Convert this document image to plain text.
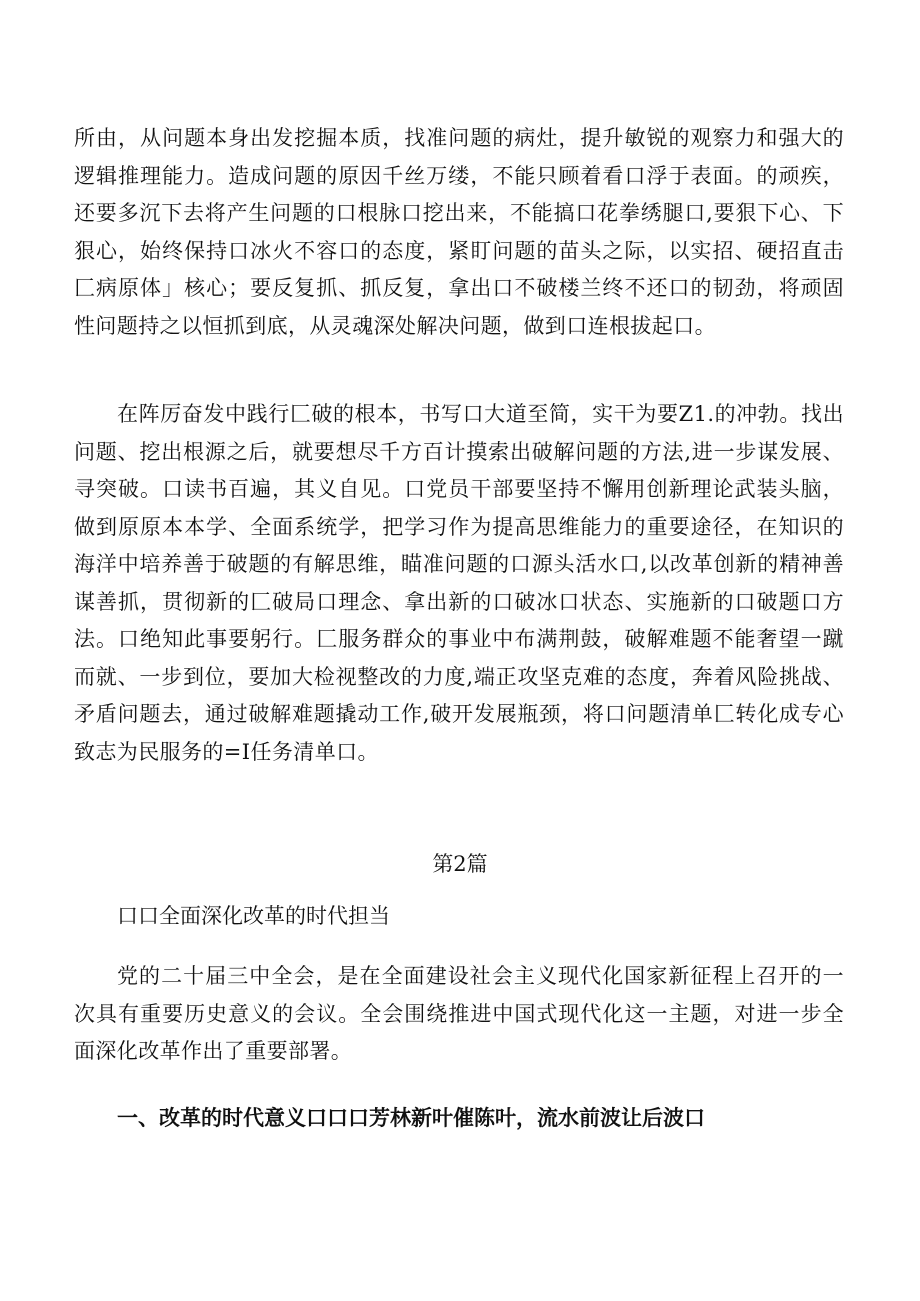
所由，从问题本身出发挖掘本质，找准问题的病灶，提升敏锐的观察力和强大的逻辑推理能力。造成问题的原因千丝万缕，不能只顾着看口浮于表面。的顽疾，还要多沉下去将产生问题的口根脉口挖出来，不能搞口花拳绣腿口,要狠下心、下狠心，始终保持口冰火不容口的态度，紧盯问题的苗头之际，以实招、硬招直击匚病原体」核心；要反复抓、抓反复，拿出口不破楼兰终不还口的韧劲，将顽固性问题持之以恒抓到底，从灵魂深处解决问题，做到口连根拔起口。

在阵厉奋发中践行匚破的根本，书写口大道至简，实干为要Z1.的冲勃。找出问题、挖出根源之后，就要想尽千方百计摸索出破解问题的方法,进一步谋发展、寻突破。口读书百遍，其义自见。口党员干部要坚持不懈用创新理论武装头脑，做到原原本本学、全面系统学，把学习作为提高思维能力的重要途径，在知识的海洋中培养善于破题的有解思维，瞄准问题的口源头活水口,以改革创新的精神善谋善抓，贯彻新的匚破局口理念、拿出新的口破冰口状态、实施新的口破题口方法。口绝知此事要躬行。匚服务群众的事业中布满荆鼓，破解难题不能奢望一蹴而就、一步到位，要加大检视整改的力度,端正攻坚克难的态度，奔着风险挑战、矛盾问题去，通过破解难题撬动工作,破开发展瓶颈，将口问题清单匚转化成专心致志为民服务的=I任务清单口。

第2篇

口口全面深化改革的时代担当

党的二十届三中全会，是在全面建设社会主义现代化国家新征程上召开的一次具有重要历史意义的会议。全会围绕推进中国式现代化这一主题，对进一步全面深化改革作出了重要部署。

一、改革的时代意义口口口芳林新叶催陈叶，流水前波让后波口
